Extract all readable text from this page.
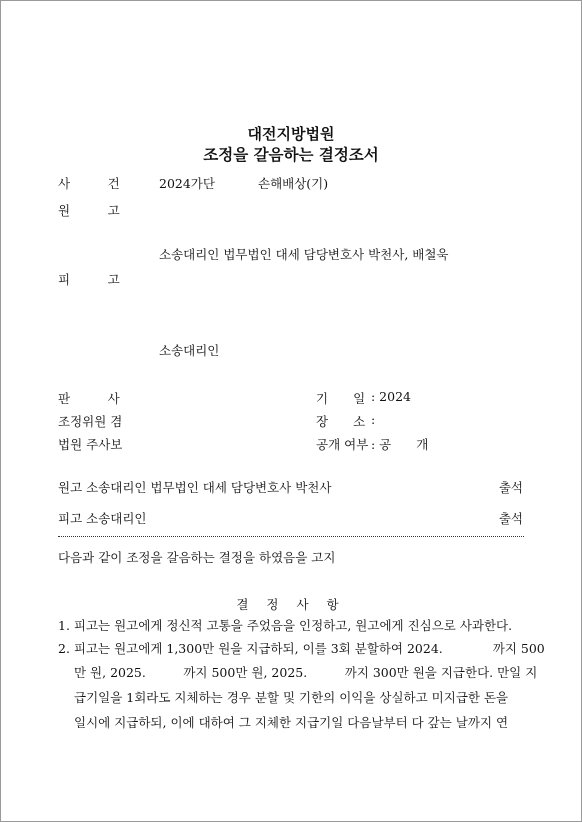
대전지방법원
조정을 갈음하는 결정조서
사　　　건	2024가단	손해배상(기)
원　　　고
소송대리인 법무법인 대세 담당변호사 박천사, 배철욱
피　　　고
소송대리인
판　　　사
조정위원 겸
법원 주사보
기　　일 : 2024
장　　소 :
공개 여부 : 공　　개
원고 소송대리인 법무법인 대세 담당변호사 박천사	출석
피고 소송대리인	출석
다음과 같이 조정을 갈음하는 결정을 하였음을 고지
결 정 사 항
1. 피고는 원고에게 정신적 고통을 주었음을 인정하고, 원고에게 진심으로 사과한다.
2. 피고는 원고에게 1,300만 원을 지급하되, 이를 3회 분할하여 2024.　　　　까지 500
만 원, 2025.　　　까지 500만 원, 2025.　　　까지 300만 원을 지급한다. 만일 지
급기일을 1회라도 지체하는 경우 분할 및 기한의 이익을 상실하고 미지급한 돈을
일시에 지급하되, 이에 대하여 그 지체한 지급기일 다음날부터 다 갚는 날까지 연
